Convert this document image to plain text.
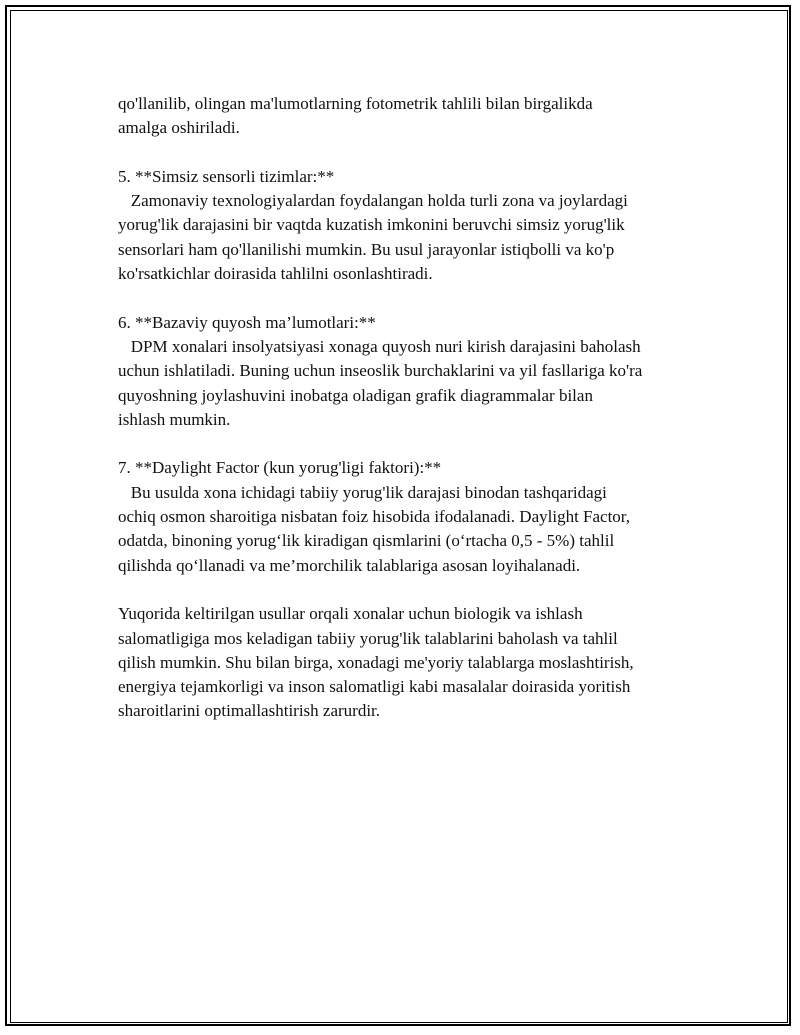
qo'llanilib, olingan ma'lumotlarning fotometrik tahlili bilan birgalikda
amalga oshiriladi.

5. **Simsiz sensorli tizimlar:**
Zamonaviy texnologiyalardan foydalangan holda turli zona va joylardagi
yorug'lik darajasini bir vaqtda kuzatish imkonini beruvchi simsiz yorug'lik
sensorlari ham qo'llanilishi mumkin. Bu usul jarayonlar istiqbolli va ko'p
ko'rsatkichlar doirasida tahlilni osonlashtiradi.

6. **Bazaviy quyosh ma’lumotlari:**
DPM xonalari insolyatsiyasi xonaga quyosh nuri kirish darajasini baholash
uchun ishlatiladi. Buning uchun inseoslik burchaklarini va yil fasllariga ko'ra
quyoshning joylashuvini inobatga oladigan grafik diagrammalar bilan
ishlash mumkin.

7. **Daylight Factor (kun yorug'ligi faktori):**
Bu usulda xona ichidagi tabiiy yorug'lik darajasi binodan tashqaridagi
ochiq osmon sharoitiga nisbatan foiz hisobida ifodalanadi. Daylight Factor,
odatda, binoning yorug‘lik kiradigan qismlarini (o‘rtacha 0,5 - 5%) tahlil
qilishda qo‘llanadi va me’morchilik talablariga asosan loyihalanadi.

Yuqorida keltirilgan usullar orqali xonalar uchun biologik va ishlash
salomatligiga mos keladigan tabiiy yorug'lik talablarini baholash va tahlil
qilish mumkin. Shu bilan birga, xonadagi me'yoriy talablarga moslashtirish,
energiya tejamkorligi va inson salomatligi kabi masalalar doirasida yoritish
sharoitlarini optimallashtirish zarurdir.
